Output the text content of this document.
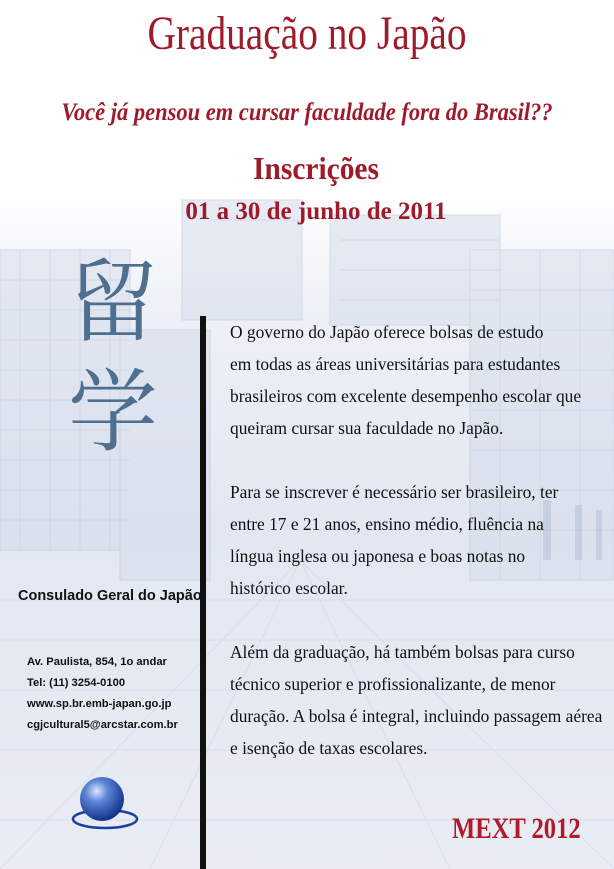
Graduação no Japão
Você já pensou em cursar faculdade fora do Brasil??
Inscrições
01 a 30 de junho de 2011
留
学

O governo do Japão oferece bolsas de estudo
em todas as áreas universitárias para estudantes
brasileiros com excelente desempenho escolar que
queiram cursar sua faculdade no Japão.

Para se inscrever é necessário ser brasileiro, ter
entre 17 e 21 anos, ensino médio, fluência na
língua inglesa ou japonesa e boas notas no
histórico escolar.

Além da graduação, há também bolsas para curso
técnico superior e profissionalizante, de menor
duração. A bolsa é integral, incluindo passagem aérea
e isenção de taxas escolares.

Consulado Geral do Japão
Av. Paulista, 854, 1o andar
Tel: (11) 3254-0100
www.sp.br.emb-japan.go.jp
cgjcultural5@arcstar.com.br
MEXT 2012
